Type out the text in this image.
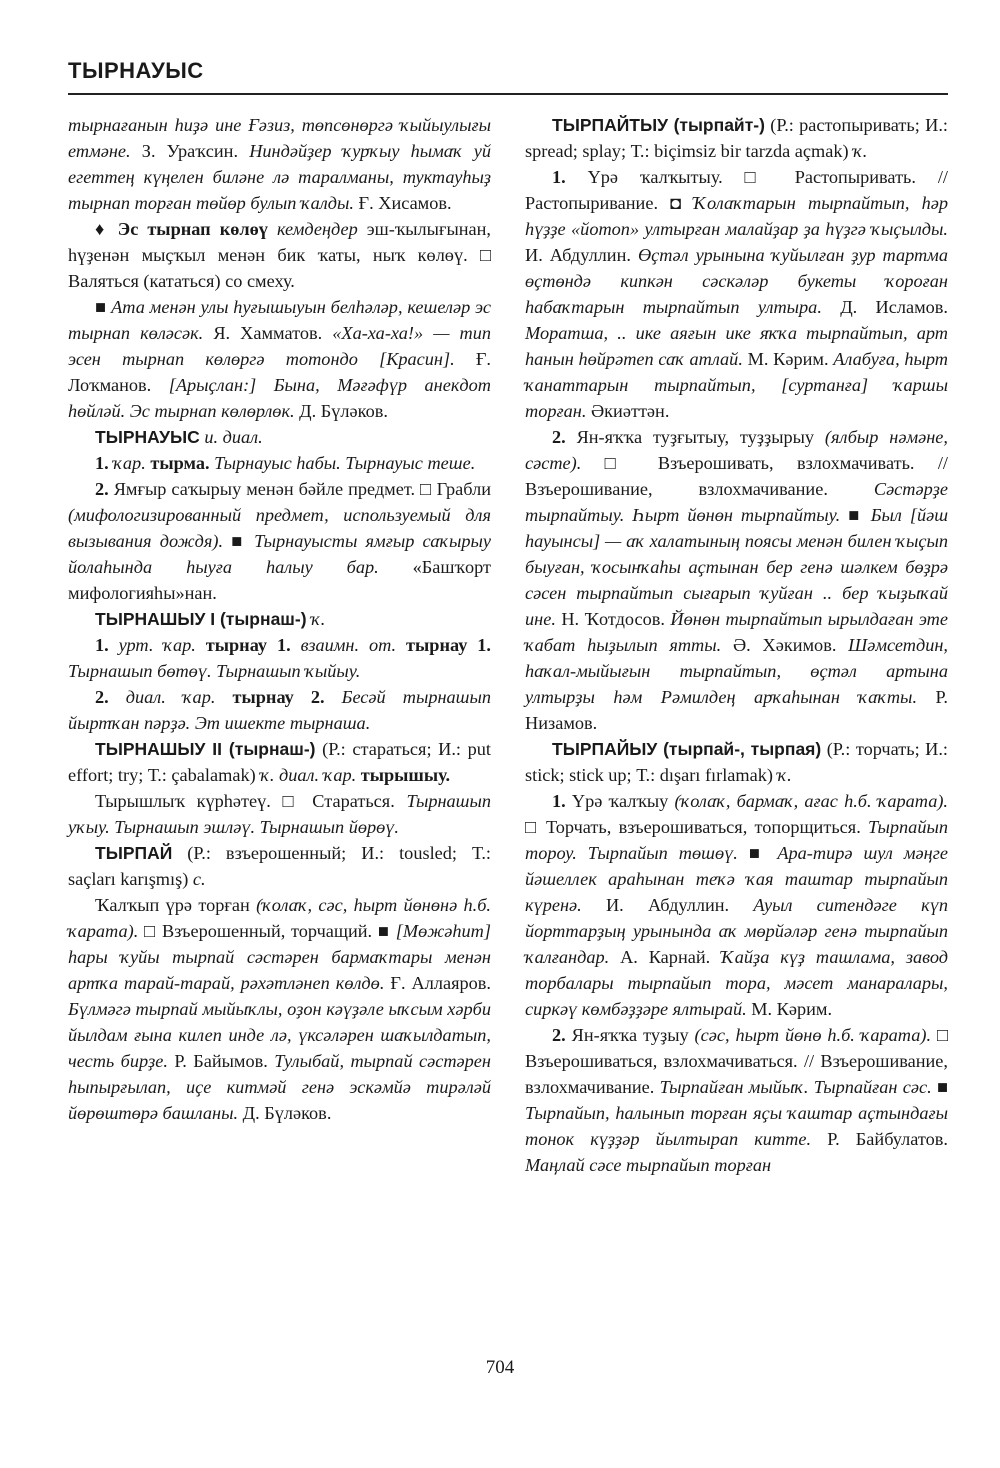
ТЫРНАУЫС

тырнағанын һиҙә ине Ғәзиз, төпсөнөргә ҡыйыулығы етмәне. З. Ураҡсин. Ниндәйҙер ҡурҡыу һымаҡ уй егеттең күңелен биләне лә таралманы, туктауһыҙ тырнап торған төйөр булып ҡалды. Ғ. Хисамов.

♦ Эс тырнап көлөү кемдеңдер эш-ҡылығынан, һүҙенән мыҫҡыл менән бик ҡаты, ныҡ көлөү. □ Валяться (кататься) со смеху.

■ Ата менән улы һуғышыуын белһәләр, кешеләр эс тырнап көләсәк. Я. Хамматов. «Ха-ха-ха!» — тип эсен тырнап көлөргә тотондо [Красин]. Ғ. Лоҡманов. [Арыҫлан:] Бына, Мәғәфүр анекдот һөйләй. Эс тырнап көлөрлөк. Д. Бүләков.

ТЫРНАУЫС и. диал.

1. ҡар. тырма. Тырнауыс һабы. Тырнауыс теше.

2. Ямғыр саҡырыу менән бәйле предмет. □ Грабли (мифологизированный предмет, используемый для вызывания дождя). ■ Тырнауысты ямғыр саҡырыу йолаһында һыуға һалыу бар. «Башҡорт мифологияһы»нан.

ТЫРНАШЫУ I (тырнаш-) ҡ.

1. урт. ҡар. тырнау 1. взаимн. от. тырнау 1. Тырнашып бөтөү. Тырнашып ҡыйыу.

2. диал. ҡар. тырнау 2. Бесәй тырнашып йыртҡан пәрҙә. Эт ишекте тырнаша.

ТЫРНАШЫУ II (тырнаш-) (Р.: стараться; И.: put effort; try; Т.: çabalamak) ҡ. диал. ҡар. тырышыу.

Тырышлыҡ күрһәтеү. □ Стараться. Тырнашып уҡыу. Тырнашып эшләү. Тырнашып йөрөү.

ТЫРПАЙ (Р.: взъерошенный; И.: tousled; Т.: saçları karışmış) с.

Ҡалҡып үрә торған (ҡолаҡ, сәс, һырт йөнөнә һ.б. ҡарата). □ Взъерошенный, торчащий. ■ [Мөжәһит] һары ҡуйы тырпай сәстәрен бармаҡтары менән артҡа тарай-тарай, рәхәтләнеп көлдө. Ғ. Аллаяров. Бүлмәгә тырпай мыйыҡлы, оҙон кәүҙәле ыҡсым хәрби йылдам ғына килеп инде лә, үксәләрен шаҡылдатып, честь бирҙе. Р. Байымов. Тулыбай, тырпай сәстәрен һыпырғылап, иҫе китмәй генә эскәмйә тирәләй йөрөштөрә башланы. Д. Бүләков.

ТЫРПАЙТЫУ (тырпайт-) (Р.: растопыривать; И.: spread; splay; Т.: biçimsiz bir tarzda açmak) ҡ.

1. Үрә ҡалҡытыу. □ Растопыривать. // Растопыривание. ◘ Ҡолаҡтарын тырпайтып, һәр һүҙҙе «йотоп» ултырған малайҙар ҙа һүҙгә ҡыҫылды. И. Абдуллин. Өҫтәл урынына ҡуйылған ҙур тартма өҫтөндә кипкән сәскәләр букеты ҡороған һабаҡтарын тырпайтып ултыра. Д. Исламов. Моратша, .. ике аяғын ике яҡҡа тырпайтып, арт һанын һөйрәтеп саҡ атлай. М. Кәрим. Алабуға, һырт ҡанаттарын тырпайтып, [суртанға] ҡаршы торған. Әкиәттән.

2. Ян-яҡҡа туҙғытыу, туҙҙырыу (ялбыр нәмәне, сәсте). □ Взъерошивать, взлохмачивать. // Взъерошивание, взлохмачивание. Сәстәрҙе тырпайтыу. Һырт йөнөн тырпайтыу. ■ Был [йәш һауынсы] — аҡ халатының поясы менән билен ҡыҫып быуған, ҡосынҡаһы аҫтынан бер генә шәлкем бөҙрә сәсен тырпайтып сығарып ҡуйған .. бер ҡыҙыҡай ине. Н. Ҡотдосов. Йөнөн тырпайтып ырылдаған эте ҡабат һыҙылып ятты. Ә. Хәкимов. Шәмсетдин, һаҡал-мыйығын тырпайтып, өҫтәл артына ултырҙы һәм Рәмилдең арҡаһынан ҡаҡты. Р. Низамов.

ТЫРПАЙЫУ (тырпай-, тырпая) (Р.: торчать; И.: stick; stick up; Т.: dışarı fırlamak) ҡ.

1. Үрә ҡалҡыу (ҡолаҡ, бармаҡ, ағас һ.б. ҡарата). □ Торчать, взъерошиваться, топорщиться. Тырпайып тороу. Тырпайып төшөү. ■ Ара-тирә шул мәңге йәшеллек араһынан теҡә ҡая таштар тырпайып күренә. И. Абдуллин. Ауыл ситендәге күп йорттарҙың урынында аҡ мөрйәләр генә тырпайып ҡалғандар. А. Карнай. Ҡайҙа күҙ ташлама, завод торбалары тырпайып тора, мәсет манаралары, сиркәү көмбәҙҙәре ялтырай. М. Кәрим.

2. Ян-яҡҡа туҙыу (сәс, һырт йөнө һ.б. ҡарата). □ Взъерошиваться, взлохмачиваться. // Взъерошивание, взлохмачивание. Тырпайған мыйыҡ. Тырпайған сәс. ■ Тырпайып, һалынып торған яҫы ҡаштар аҫтындағы тонок күҙҙәр йылтырап китте. Р. Байбулатов. Маңлай сәсе тырпайып торған

704
